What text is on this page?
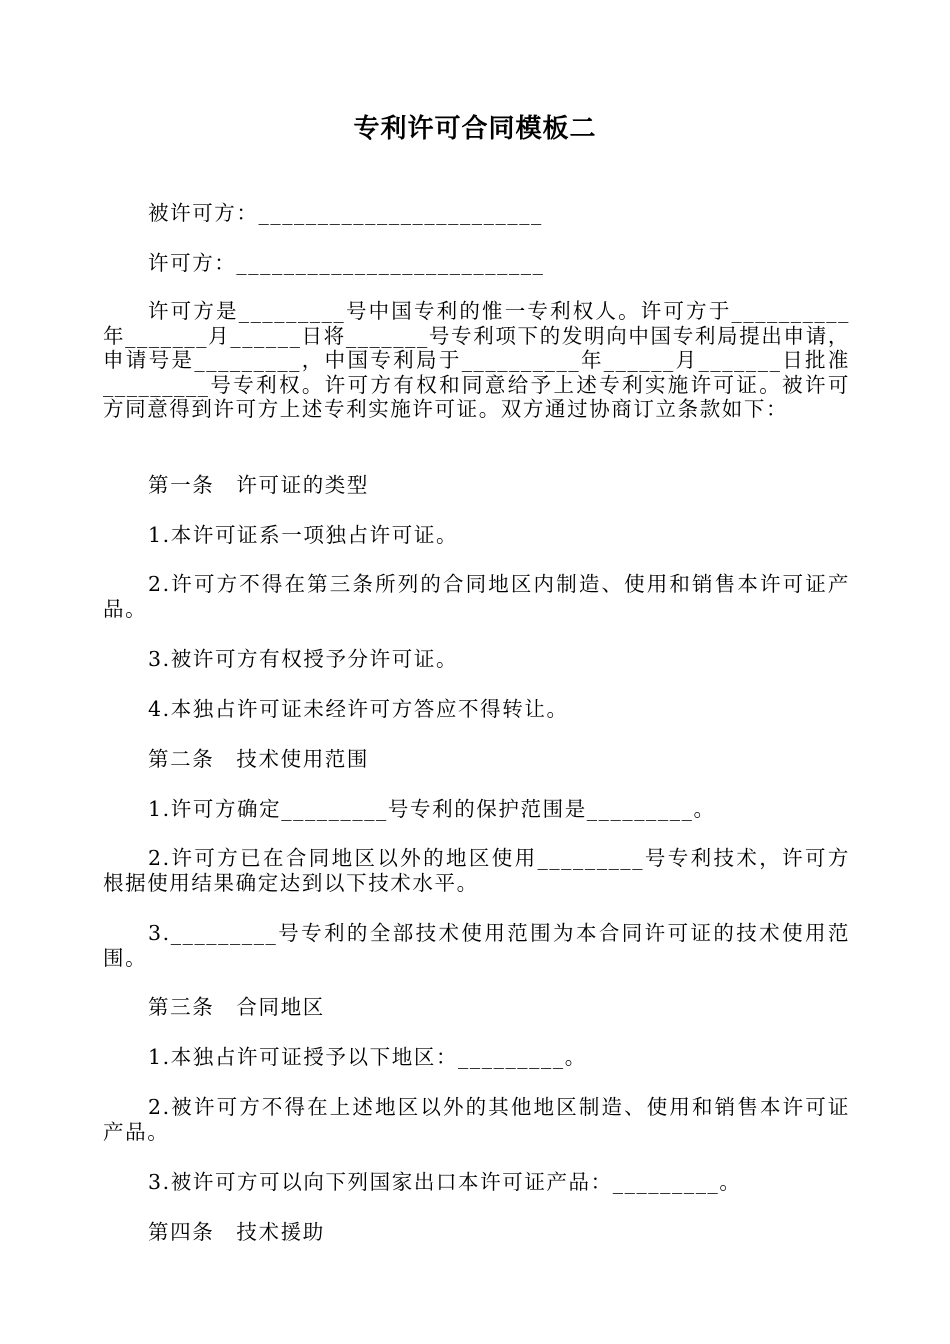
专利许可合同模板二
被许可方：________________________
许可方：__________________________
许可方是_________号中国专利的惟一专利权人。许可方于__________年_______月______日将_______号专利项下的发明向中国专利局提出申请，申请号是_________，中国专利局于__________年______月_______日批准_________号专利权。许可方有权和同意给予上述专利实施许可证。被许可方同意得到许可方上述专利实施许可证。双方通过协商订立条款如下：
第一条　许可证的类型
1.本许可证系一项独占许可证。
2.许可方不得在第三条所列的合同地区内制造、使用和销售本许可证产品。
3.被许可方有权授予分许可证。
4.本独占许可证未经许可方答应不得转让。
第二条　技术使用范围
1.许可方确定_________号专利的保护范围是_________。
2.许可方已在合同地区以外的地区使用_________号专利技术，许可方根据使用结果确定达到以下技术水平。
3._________号专利的全部技术使用范围为本合同许可证的技术使用范围。
第三条　合同地区
1.本独占许可证授予以下地区：_________。
2.被许可方不得在上述地区以外的其他地区制造、使用和销售本许可证产品。
3.被许可方可以向下列国家出口本许可证产品：_________。
第四条　技术援助
